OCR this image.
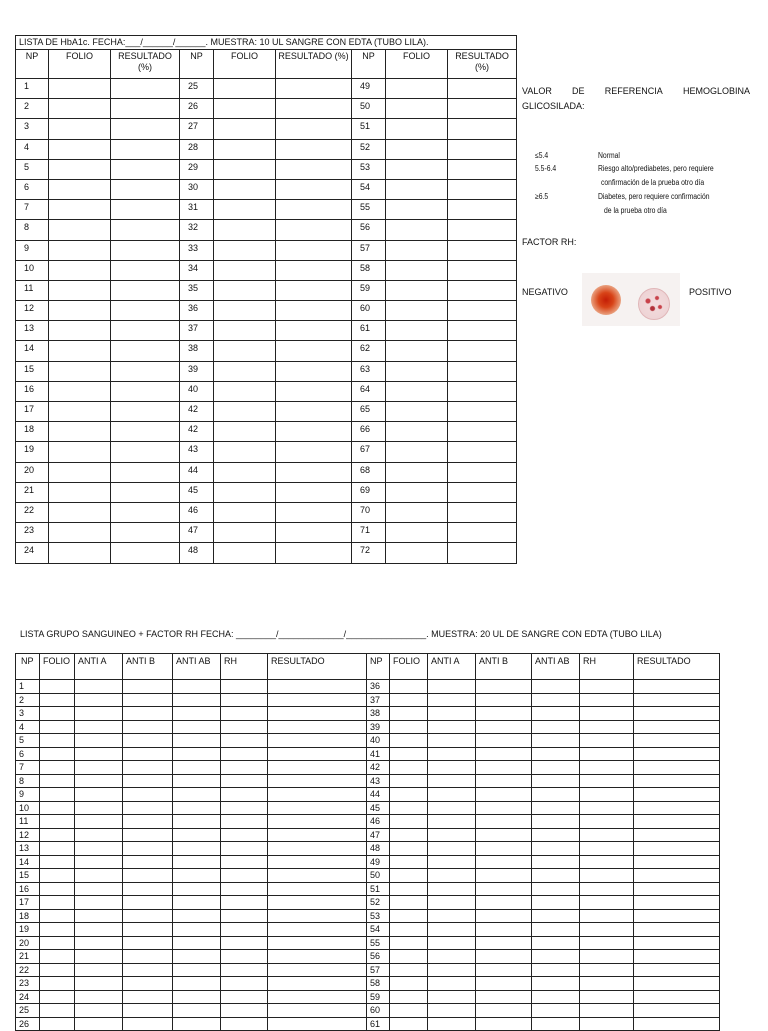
LISTA DE HbA1c. FECHA:___/______/______. MUESTRA: 10 UL SANGRE CON EDTA (TUBO LILA).								
NP	FOLIO	RESULTADO (%)	NP	FOLIO	RESULTADO (%)	NP	FOLIO	RESULTADO (%)
1			25			49		
2			26			50		
3			27			51		
4			28			52		
5			29			53		
6			30			54		
7			31			55		
8			32			56		
9			33			57		
10			34			58		
11			35			59		
12			36			60		
13			37			61		
14			38			62		
15			39			63		
16			40			64		
17			42			65		
18			42			66		
19			43			67		
20			44			68		
21			45			69		
22			46			70		
23			47			71		
24			48			72		
VALOR DE REFERENCIA HEMOGLOBINA
GLICOSILADA:
≤5.4	Normal
5.5-6.4	Riesgo alto/prediabetes, pero requiere
confirmación de la prueba otro día
≥6.5	Diabetes, pero requiere confirmación
de la prueba otro día
FACTOR RH:
NEGATIVO	POSITIVO
LISTA GRUPO SANGUINEO + FACTOR RH FECHA: ________/_____________/________________. MUESTRA: 20 UL DE SANGRE CON EDTA (TUBO LILA)
NP	FOLIO	ANTI A	ANTI B	ANTI AB	RH	RESULTADO	NP	FOLIO	ANTI A	ANTI B	ANTI AB	RH	RESULTADO
1							36						
2							37						
3							38						
4							39						
5							40						
6							41						
7							42						
8							43						
9							44						
10							45						
11							46						
12							47						
13							48						
14							49						
15							50						
16							51						
17							52						
18							53						
19							54						
20							55						
21							56						
22							57						
23							58						
24							59						
25							60						
26							61						
